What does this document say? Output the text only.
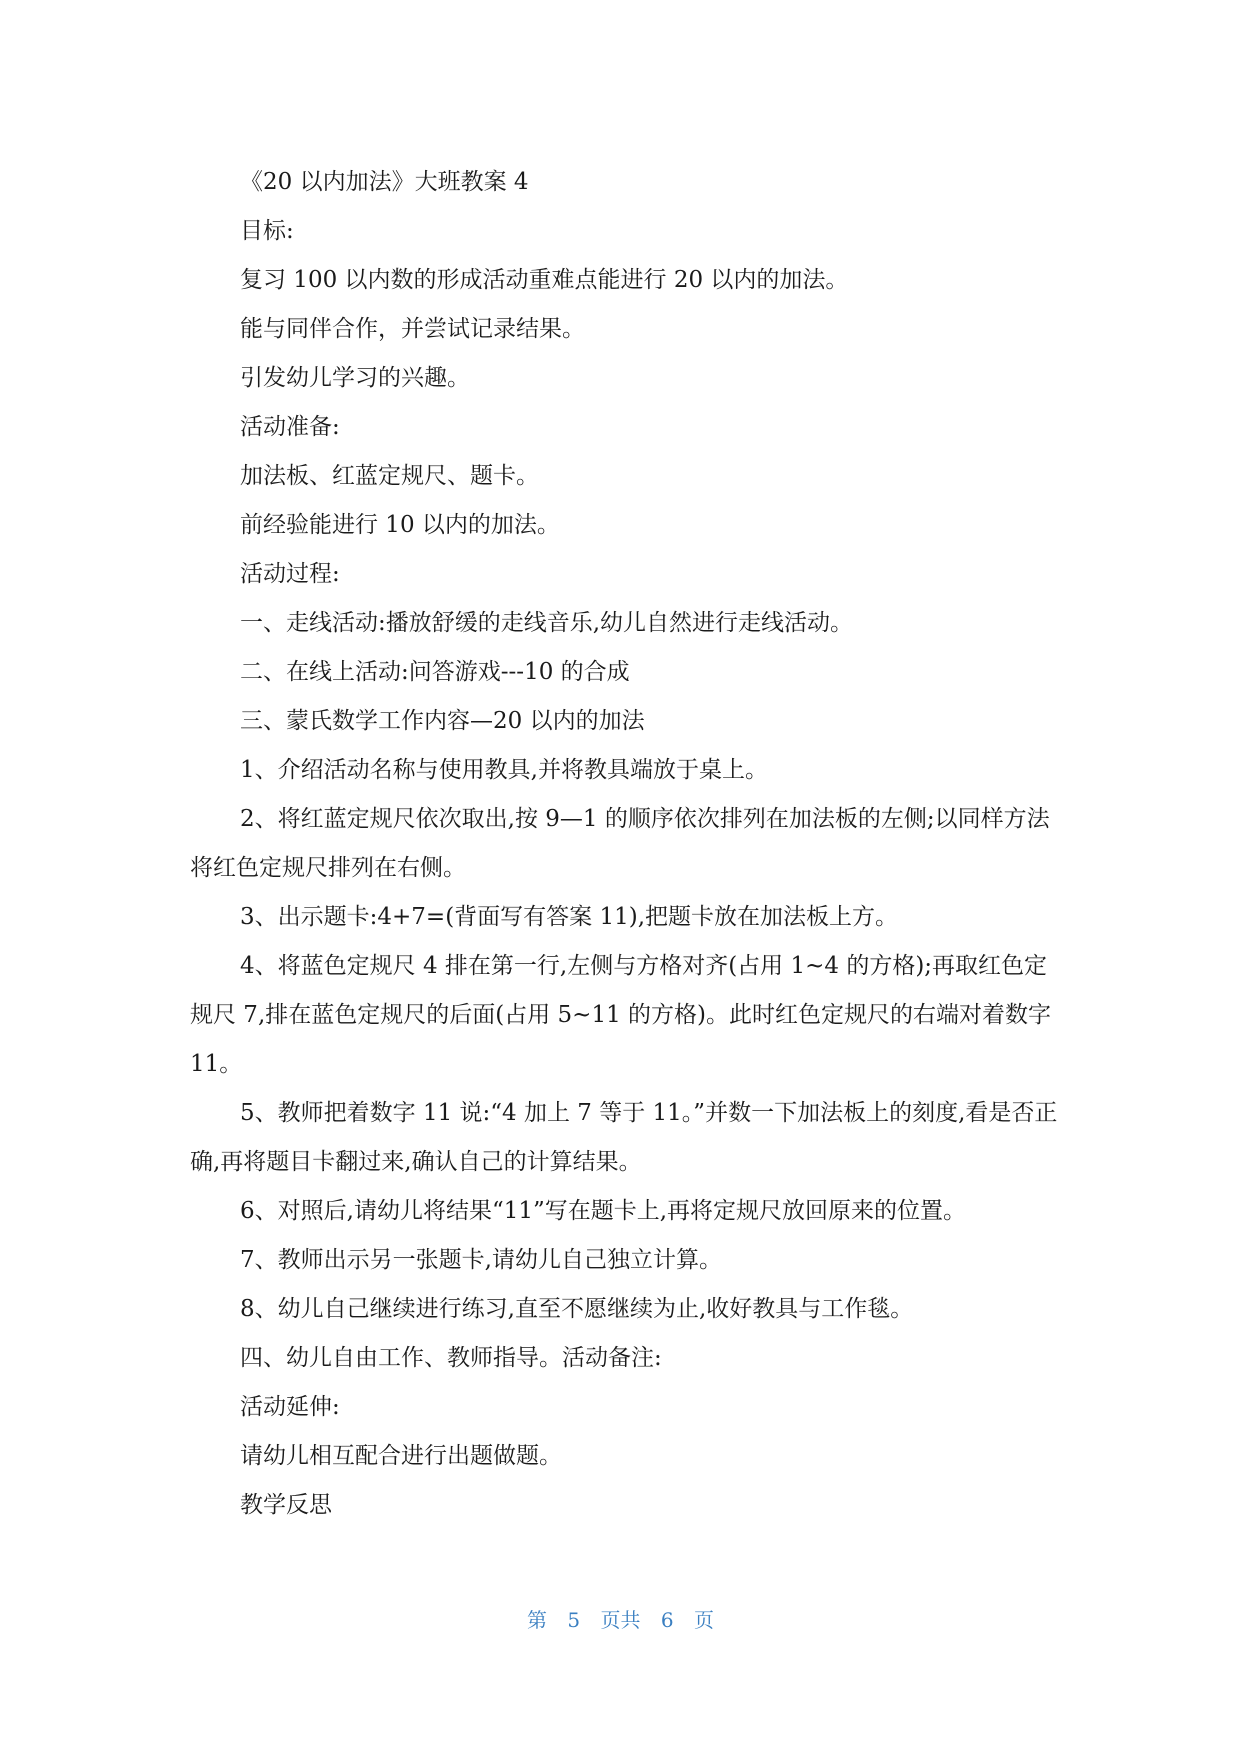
《20 以内加法》大班教案 4

目标:

复习 100 以内数的形成活动重难点能进行 20 以内的加法。

能与同伴合作，并尝试记录结果。

引发幼儿学习的兴趣。

活动准备:

加法板、红蓝定规尺、题卡。

前经验能进行 10 以内的加法。

活动过程:

一、走线活动:播放舒缓的走线音乐,幼儿自然进行走线活动。

二、在线上活动:问答游戏---10 的合成

三、蒙氏数学工作内容—20 以内的加法

1、介绍活动名称与使用教具,并将教具端放于桌上。

2、将红蓝定规尺依次取出,按 9—1 的顺序依次排列在加法板的左侧;以同样方法将红色定规尺排列在右侧。

3、出示题卡:4+7=(背面写有答案 11),把题卡放在加法板上方。

4、将蓝色定规尺 4 排在第一行,左侧与方格对齐(占用 1~4 的方格);再取红色定规尺 7,排在蓝色定规尺的后面(占用 5~11 的方格)。此时红色定规尺的右端对着数字 11。

5、教师把着数字 11 说:“4 加上 7 等于 11。”并数一下加法板上的刻度,看是否正确,再将题目卡翻过来,确认自己的计算结果。

6、对照后,请幼儿将结果“11”写在题卡上,再将定规尺放回原来的位置。

7、教师出示另一张题卡,请幼儿自己独立计算。

8、幼儿自己继续进行练习,直至不愿继续为止,收好教具与工作毯。

四、幼儿自由工作、教师指导。活动备注:

活动延伸:

请幼儿相互配合进行出题做题。

教学反思

第 5 页共 6 页
